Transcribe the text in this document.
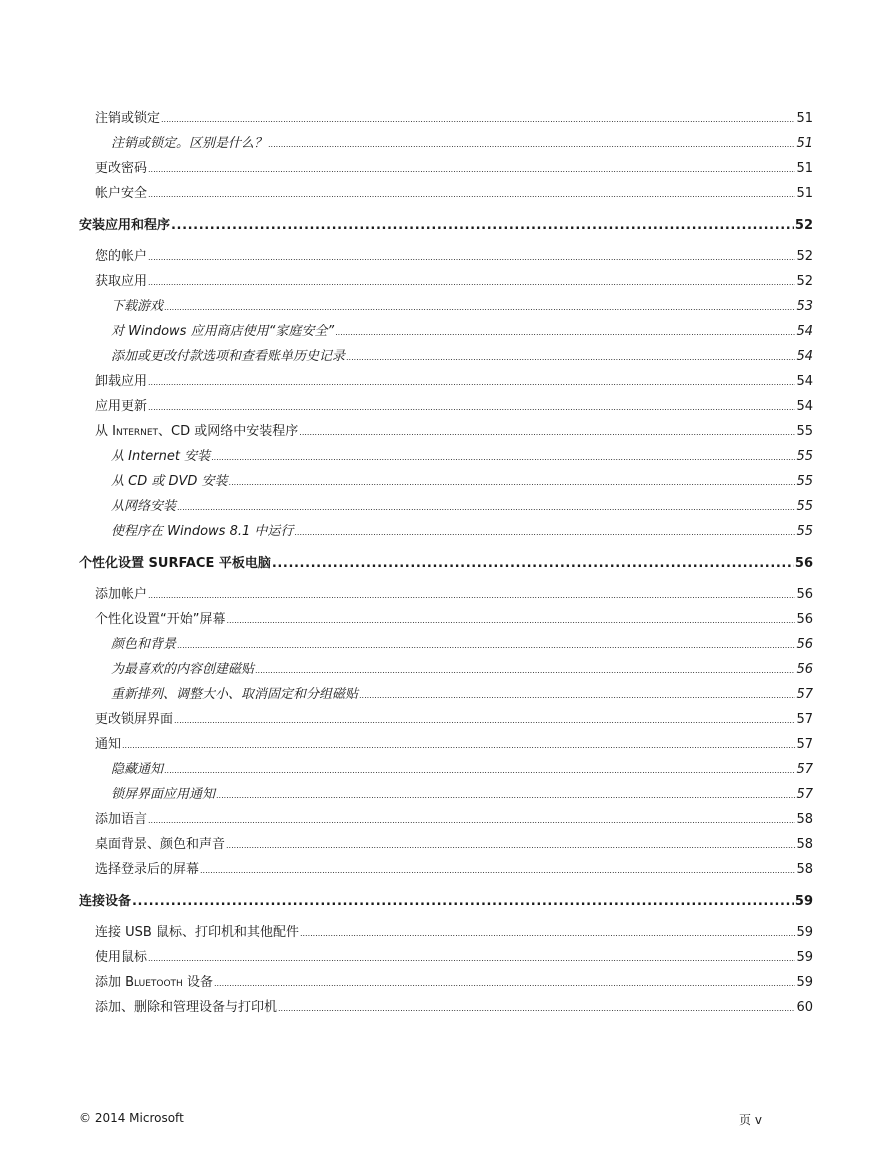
注销或锁定 .....	51
注销或锁定。区别是什么？ .....	51
更改密码 .....	51
帐户安全 .....	51
安装应用和程序 .....	52
您的帐户 .....	52
获取应用 .....	52
下载游戏 .....	53
对 Windows 应用商店使用“家庭安全” .....	54
添加或更改付款选项和查看账单历史记录 .....	54
卸载应用 .....	54
应用更新 .....	54
从 Internet、CD 或网络中安装程序 .....	55
从 Internet 安装 .....	55
从 CD 或 DVD 安装 .....	55
从网络安装 .....	55
使程序在 Windows 8.1 中运行 .....	55
个性化设置 SURFACE 平板电脑 .....	56
添加帐户 .....	56
个性化设置“开始”屏幕 .....	56
颜色和背景 .....	56
为最喜欢的内容创建磁贴 .....	56
重新排列、调整大小、取消固定和分组磁贴 .....	57
更改锁屏界面 .....	57
通知 .....	57
隐藏通知 .....	57
锁屏界面应用通知 .....	57
添加语言 .....	58
桌面背景、颜色和声音 .....	58
选择登录后的屏幕 .....	58
连接设备 .....	59
连接 USB 鼠标、打印机和其他配件 .....	59
使用鼠标 .....	59
添加 Bluetooth 设备 .....	59
添加、删除和管理设备与打印机 .....	60
© 2014 Microsoft	页 v
